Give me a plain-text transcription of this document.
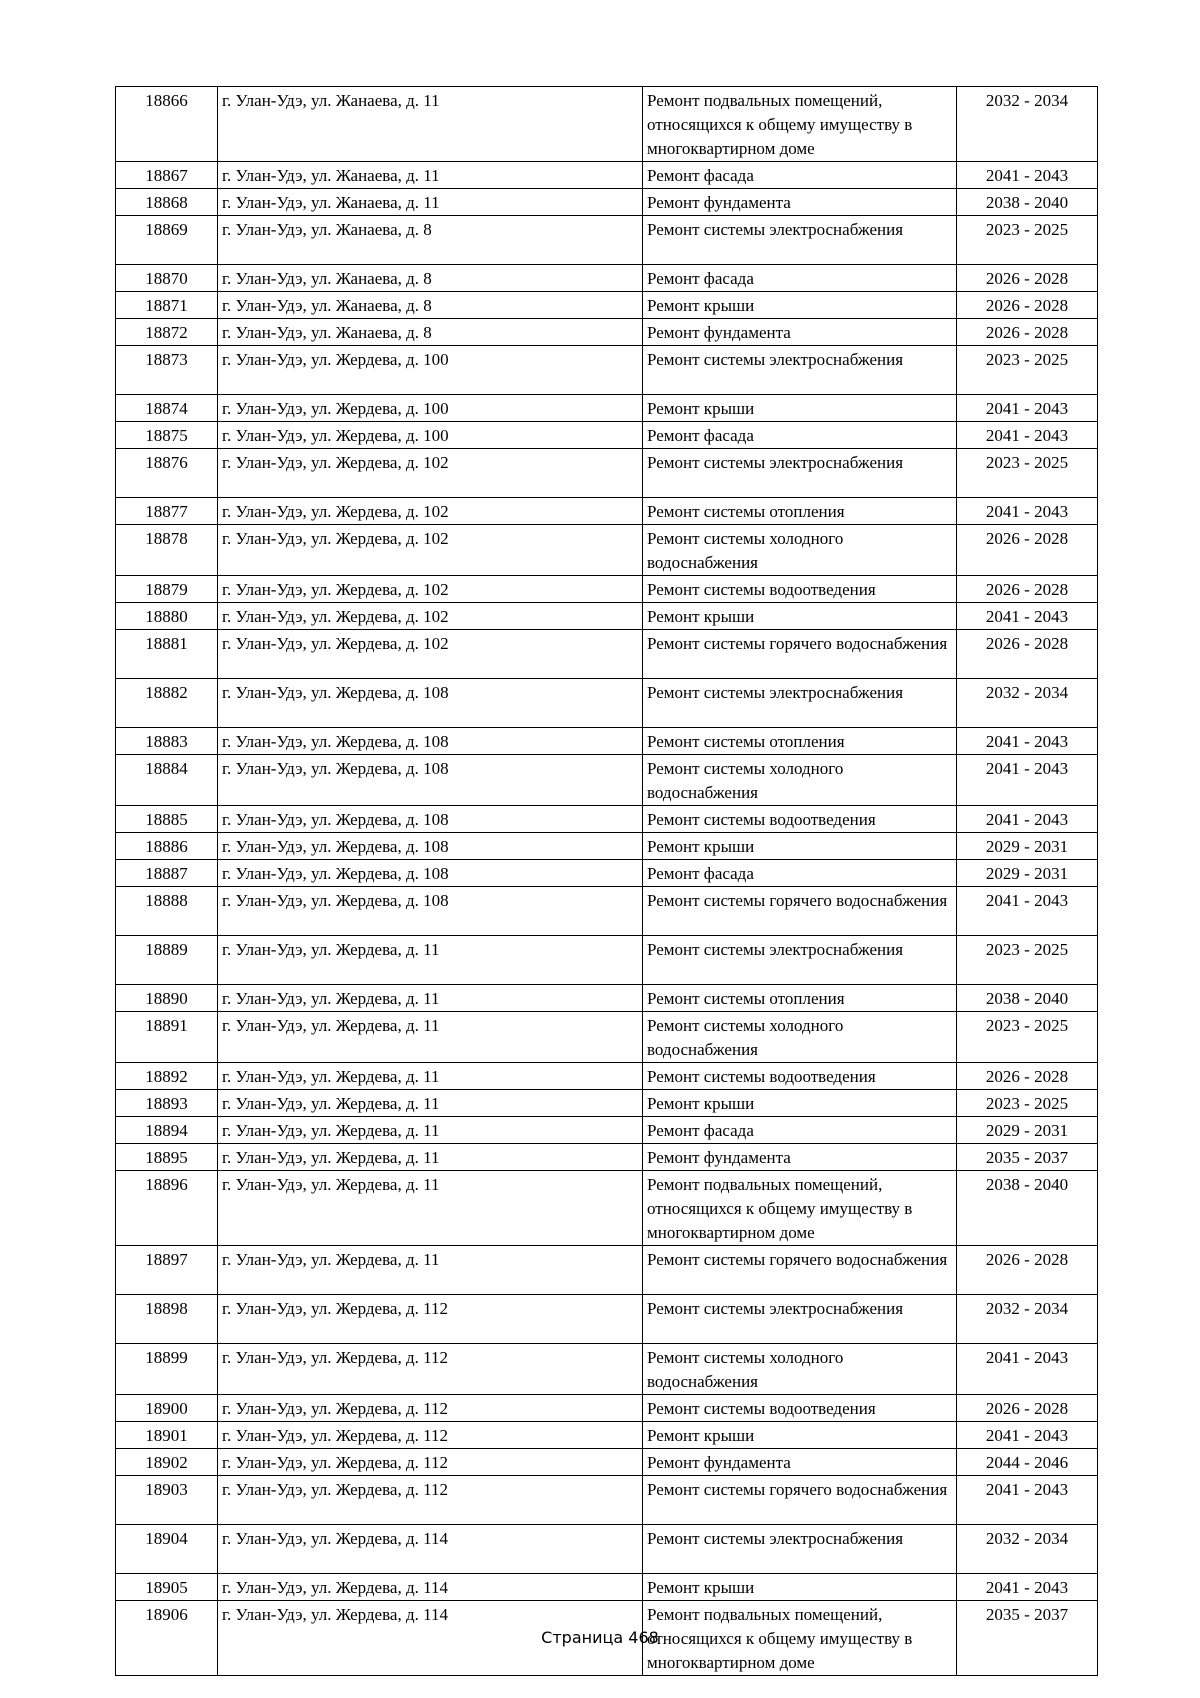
18866	г. Улан-Удэ, ул. Жанаева, д. 11	Ремонт подвальных помещений, относящихся к общему имуществу в многоквартирном доме	2032 - 2034
18867	г. Улан-Удэ, ул. Жанаева, д. 11	Ремонт фасада	2041 - 2043
18868	г. Улан-Удэ, ул. Жанаева, д. 11	Ремонт фундамента	2038 - 2040
18869	г. Улан-Удэ, ул. Жанаева, д. 8	Ремонт системы электроснабжения	2023 - 2025
18870	г. Улан-Удэ, ул. Жанаева, д. 8	Ремонт фасада	2026 - 2028
18871	г. Улан-Удэ, ул. Жанаева, д. 8	Ремонт крыши	2026 - 2028
18872	г. Улан-Удэ, ул. Жанаева, д. 8	Ремонт фундамента	2026 - 2028
18873	г. Улан-Удэ, ул. Жердева, д. 100	Ремонт системы электроснабжения	2023 - 2025
18874	г. Улан-Удэ, ул. Жердева, д. 100	Ремонт крыши	2041 - 2043
18875	г. Улан-Удэ, ул. Жердева, д. 100	Ремонт фасада	2041 - 2043
18876	г. Улан-Удэ, ул. Жердева, д. 102	Ремонт системы электроснабжения	2023 - 2025
18877	г. Улан-Удэ, ул. Жердева, д. 102	Ремонт системы отопления	2041 - 2043
18878	г. Улан-Удэ, ул. Жердева, д. 102	Ремонт системы холодного водоснабжения	2026 - 2028
18879	г. Улан-Удэ, ул. Жердева, д. 102	Ремонт системы водоотведения	2026 - 2028
18880	г. Улан-Удэ, ул. Жердева, д. 102	Ремонт крыши	2041 - 2043
18881	г. Улан-Удэ, ул. Жердева, д. 102	Ремонт системы горячего водоснабжения	2026 - 2028
18882	г. Улан-Удэ, ул. Жердева, д. 108	Ремонт системы электроснабжения	2032 - 2034
18883	г. Улан-Удэ, ул. Жердева, д. 108	Ремонт системы отопления	2041 - 2043
18884	г. Улан-Удэ, ул. Жердева, д. 108	Ремонт системы холодного водоснабжения	2041 - 2043
18885	г. Улан-Удэ, ул. Жердева, д. 108	Ремонт системы водоотведения	2041 - 2043
18886	г. Улан-Удэ, ул. Жердева, д. 108	Ремонт крыши	2029 - 2031
18887	г. Улан-Удэ, ул. Жердева, д. 108	Ремонт фасада	2029 - 2031
18888	г. Улан-Удэ, ул. Жердева, д. 108	Ремонт системы горячего водоснабжения	2041 - 2043
18889	г. Улан-Удэ, ул. Жердева, д. 11	Ремонт системы электроснабжения	2023 - 2025
18890	г. Улан-Удэ, ул. Жердева, д. 11	Ремонт системы отопления	2038 - 2040
18891	г. Улан-Удэ, ул. Жердева, д. 11	Ремонт системы холодного водоснабжения	2023 - 2025
18892	г. Улан-Удэ, ул. Жердева, д. 11	Ремонт системы водоотведения	2026 - 2028
18893	г. Улан-Удэ, ул. Жердева, д. 11	Ремонт крыши	2023 - 2025
18894	г. Улан-Удэ, ул. Жердева, д. 11	Ремонт фасада	2029 - 2031
18895	г. Улан-Удэ, ул. Жердева, д. 11	Ремонт фундамента	2035 - 2037
18896	г. Улан-Удэ, ул. Жердева, д. 11	Ремонт подвальных помещений, относящихся к общему имуществу в многоквартирном доме	2038 - 2040
18897	г. Улан-Удэ, ул. Жердева, д. 11	Ремонт системы горячего водоснабжения	2026 - 2028
18898	г. Улан-Удэ, ул. Жердева, д. 112	Ремонт системы электроснабжения	2032 - 2034
18899	г. Улан-Удэ, ул. Жердева, д. 112	Ремонт системы холодного водоснабжения	2041 - 2043
18900	г. Улан-Удэ, ул. Жердева, д. 112	Ремонт системы водоотведения	2026 - 2028
18901	г. Улан-Удэ, ул. Жердева, д. 112	Ремонт крыши	2041 - 2043
18902	г. Улан-Удэ, ул. Жердева, д. 112	Ремонт фундамента	2044 - 2046
18903	г. Улан-Удэ, ул. Жердева, д. 112	Ремонт системы горячего водоснабжения	2041 - 2043
18904	г. Улан-Удэ, ул. Жердева, д. 114	Ремонт системы электроснабжения	2032 - 2034
18905	г. Улан-Удэ, ул. Жердева, д. 114	Ремонт крыши	2041 - 2043
18906	г. Улан-Удэ, ул. Жердева, д. 114	Ремонт подвальных помещений, относящихся к общему имуществу в многоквартирном доме	2035 - 2037
Страница 468
